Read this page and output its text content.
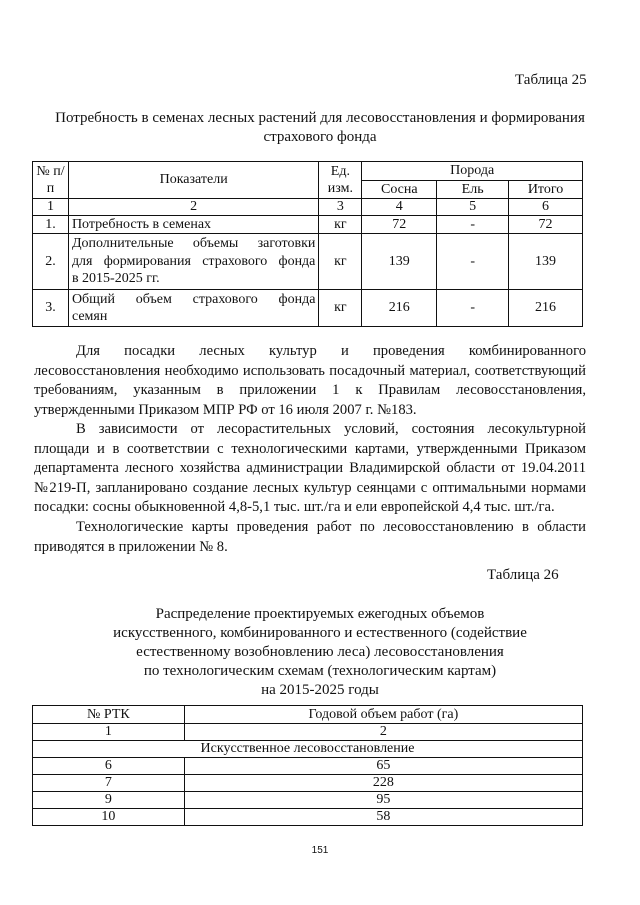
Таблица 25
Потребность в семенах лесных растений для лесовосстановления и формирования
страхового фонда
№ п/п	Показатели	Ед. изм.	Порода		
			Сосна	Ель	Итого
1	2	3	4	5	6
1.	Потребность в семенах	кг	72	-	72
2.	Дополнительные объемы заготовки
для формирования страхового фонда
в 2015-2025 гг.	кг	139	-	139
3.	Общий объем страхового фонда
семян	кг	216	-	216
Для посадки лесных культур и проведения комбинированного лесовосстановления необходимо использовать посадочный материал, соответствующий требованиям, указанным в приложении 1 к Правилам лесовосстановления, утвержденными Приказом МПР РФ от 16 июля 2007 г. №183.
В зависимости от лесорастительных условий, состояния лесокультурной площади и в соответствии с технологическими картами, утвержденными Приказом департамента лесного хозяйства администрации Владимирской области от 19.04.2011 №219-П, запланировано создание лесных культур сеянцами с оптимальными нормами посадки: сосны обыкновенной 4,8-5,1 тыс. шт./га и ели европейской 4,4 тыс. шт./га.
Технологические карты проведения работ по лесовосстановлению в области приводятся в приложении № 8.
Таблица 26
Распределение проектируемых ежегодных объемов
искусственного, комбинированного и естественного (содействие
естественному возобновлению леса) лесовосстановления
по технологическим схемам (технологическим картам)
на 2015-2025 годы
№ РТК	Годовой объем работ (га)
1	2
Искусственное лесовосстановление	
6	65
7	228
9	95
10	58
151
